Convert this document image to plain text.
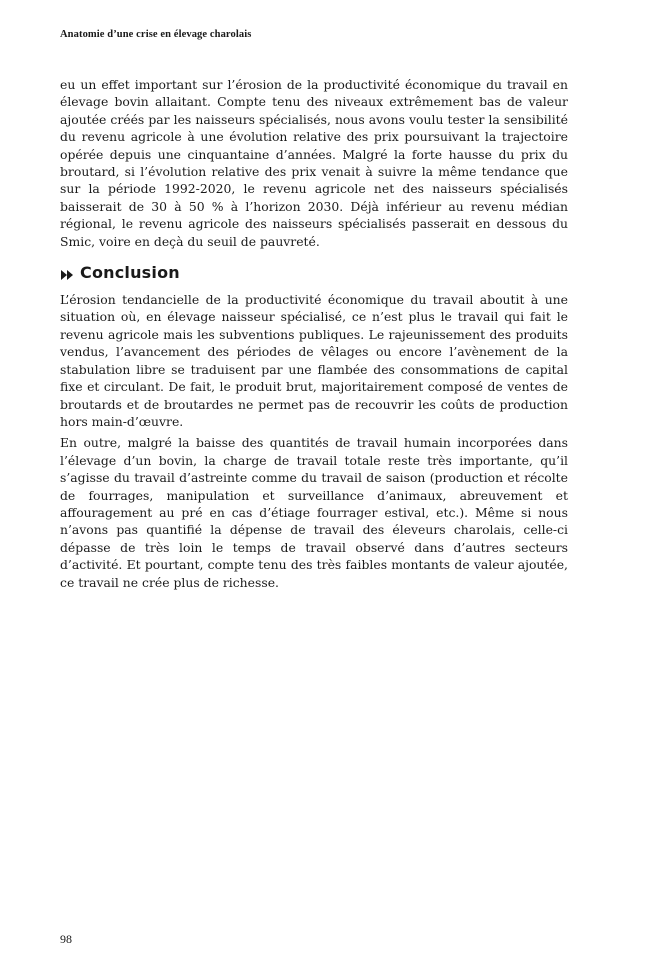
Anatomie d’une crise en élevage charolais

eu un effet important sur l’érosion de la productivité économique du travail en élevage bovin allaitant. Compte tenu des niveaux extrêmement bas de valeur ajoutée créés par les naisseurs spécialisés, nous avons voulu tester la sensibilité du revenu agricole à une évolution relative des prix poursuivant la trajectoire opérée depuis une cinquantaine d’années. Malgré la forte hausse du prix du broutard, si l’évolution relative des prix venait à suivre la même tendance que sur la période 1992-2020, le revenu agricole net des naisseurs spécialisés baisserait de 30 à 50 % à l’horizon 2030. Déjà inférieur au revenu médian régional, le revenu agricole des naisseurs spécialisés passerait en dessous du Smic, voire en deçà du seuil de pauvreté.

Conclusion

L’érosion tendancielle de la productivité économique du travail aboutit à une situation où, en élevage naisseur spécialisé, ce n’est plus le travail qui fait le revenu agricole mais les subventions publiques. Le rajeunissement des produits vendus, l’avancement des périodes de vêlages ou encore l’avènement de la stabulation libre se traduisent par une flambée des consommations de capital fixe et circulant. De fait, le produit brut, majoritairement composé de ventes de broutards et de broutardes ne permet pas de recouvrir les coûts de production hors main-d’œuvre.

En outre, malgré la baisse des quantités de travail humain incorporées dans l’élevage d’un bovin, la charge de travail totale reste très importante, qu’il s’agisse du travail d’astreinte comme du travail de saison (production et récolte de fourrages, manipulation et surveillance d’animaux, abreuvement et affouragement au pré en cas d’étiage fourrager estival, etc.). Même si nous n’avons pas quantifié la dépense de travail des éleveurs charolais, celle-ci dépasse de très loin le temps de travail observé dans d’autres secteurs d’activité. Et pourtant, compte tenu des très faibles montants de valeur ajoutée, ce travail ne crée plus de richesse.

98
